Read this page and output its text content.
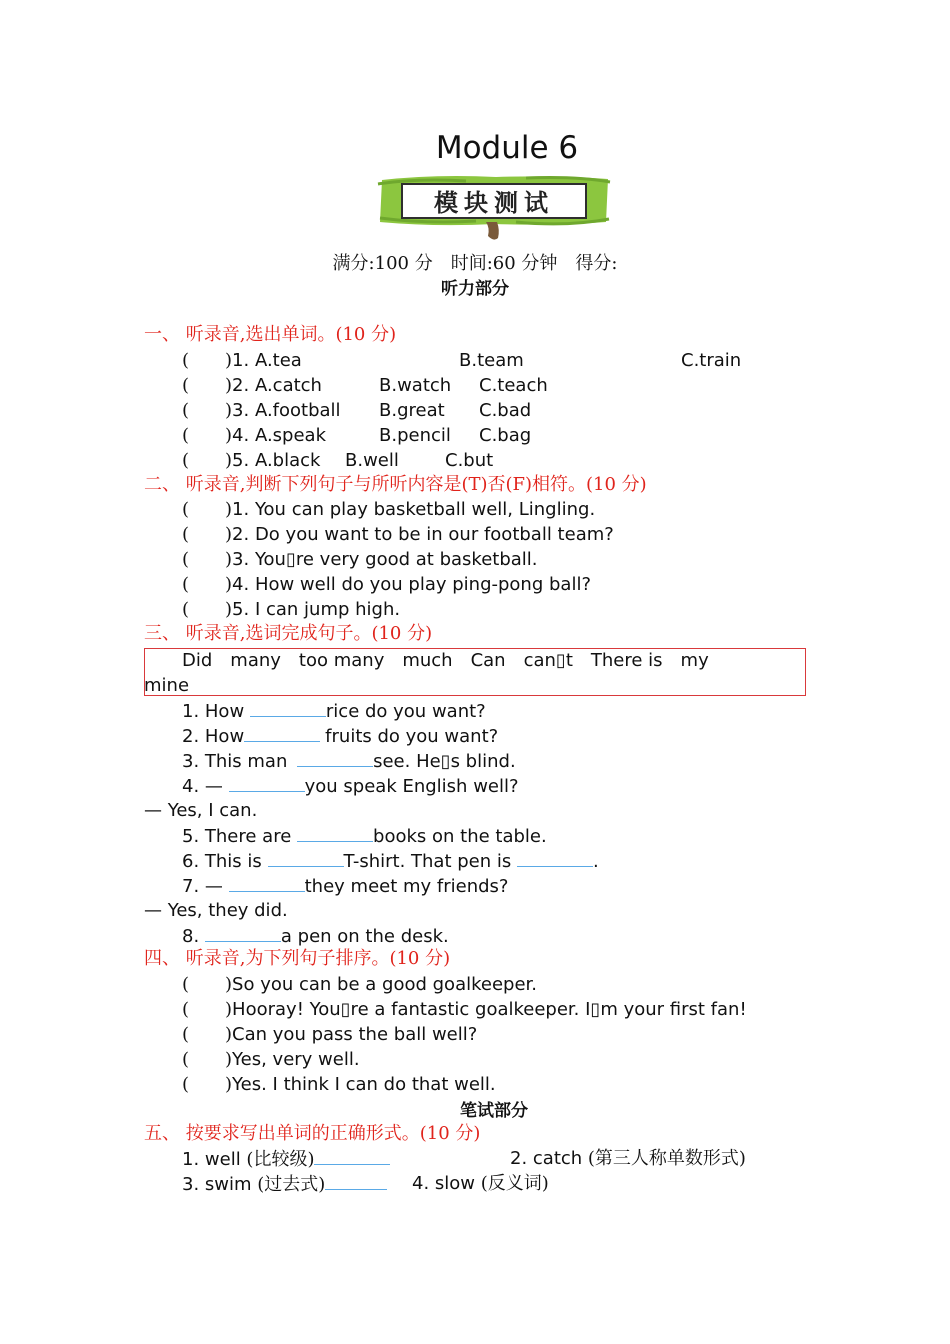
Module 6
模块测试
满分:100 分　时间:60 分钟　得分:
听力部分
一、 听录音,选出单词。(10 分)
(　　)1. A.tea	B.team	C.train
(　　)2. A.catch	B.watch C.teach
(　　)3. A.football B.great C.bad
(　　)4. A.speak	B.pencil C.bag
(　　)5. A.black B.well	C.but
二、 听录音,判断下列句子与所听内容是(T)否(F)相符。(10 分)
(　　)1. You can play basketball well, Lingling.
(　　)2. Do you want to be in our football team?
(　　)3. You▯re very good at basketball.
(　　)4. How well do you play ping-pong ball?
(　　)5. I can jump high.
三、 听录音,选词完成句子。(10 分)
Did　many　too many　much　Can　can▯t　There is　my
mine
1. How	rice do you want?
2. How	fruits do you want?
3. This man	see. He▯s blind.
4. —	you speak English well?
— Yes, I can.
5. There are	books on the table.
6. This is	T-shirt. That pen is	.
7. —	they meet my friends?
— Yes, they did.
8.	a pen on the desk.
四、 听录音,为下列句子排序。(10 分)
(　　)So you can be a good goalkeeper.
(　　)Hooray! You▯re a fantastic goalkeeper. I▯m your first fan!
(　　)Can you pass the ball well?
(　　)Yes, very well.
(　　)Yes. I think I can do that well.
笔试部分
五、 按要求写出单词的正确形式。(10 分)
1. well (比较级)	2. catch (第三人称单数形式)
3. swim (过去式)	4. slow (反义词)
